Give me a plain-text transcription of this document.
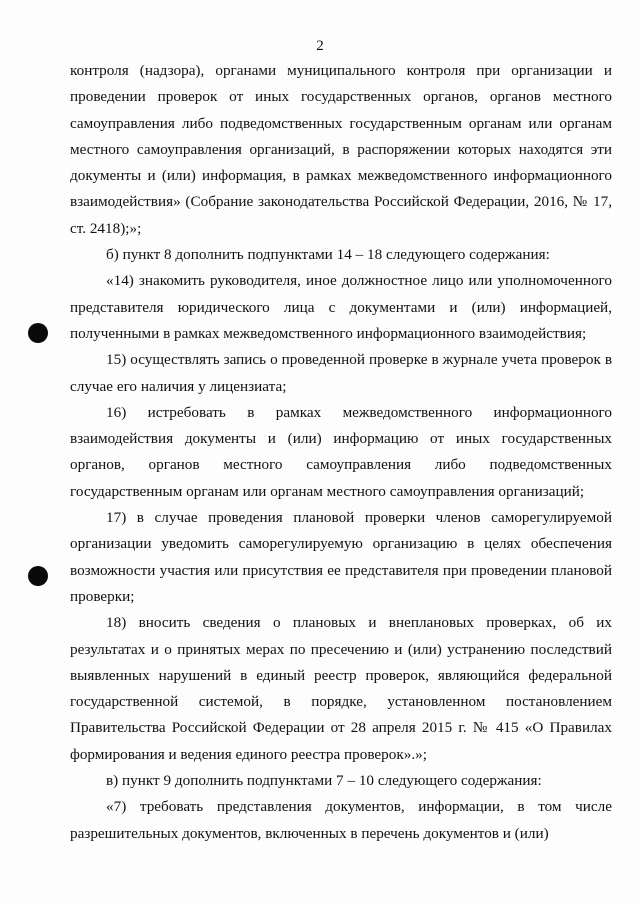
2

контроля (надзора), органами муниципального контроля при организации и проведении проверок от иных государственных органов, органов местного самоуправления либо подведомственных государственным органам или органам местного самоуправления организаций, в распоряжении которых находятся эти документы и (или) информация, в рамках межведомственного информационного взаимодействия» (Собрание законодательства Российской Федерации, 2016, № 17, ст. 2418);»;

б) пункт 8 дополнить подпунктами 14 – 18 следующего содержания:

«14) знакомить руководителя, иное должностное лицо или уполномоченного представителя юридического лица с документами и (или) информацией, полученными в рамках межведомственного информационного взаимодействия;

15) осуществлять запись о проведенной проверке в журнале учета проверок в случае его наличия у лицензиата;

16) истребовать в рамках межведомственного информационного взаимодействия документы и (или) информацию от иных государственных органов, органов местного самоуправления либо подведомственных государственным органам или органам местного самоуправления организаций;

17) в случае проведения плановой проверки членов саморегулируемой организации уведомить саморегулируемую организацию в целях обеспечения возможности участия или присутствия ее представителя при проведении плановой проверки;

18) вносить сведения о плановых и внеплановых проверках, об их результатах и о принятых мерах по пресечению и (или) устранению последствий выявленных нарушений в единый реестр проверок, являющийся федеральной государственной системой, в порядке, установленном постановлением Правительства Российской Федерации от 28 апреля 2015 г. № 415 «О Правилах формирования и ведения единого реестра проверок».»;

в) пункт 9 дополнить подпунктами 7 – 10 следующего содержания:

«7) требовать представления документов, информации, в том числе разрешительных документов, включенных в перечень документов и (или)
